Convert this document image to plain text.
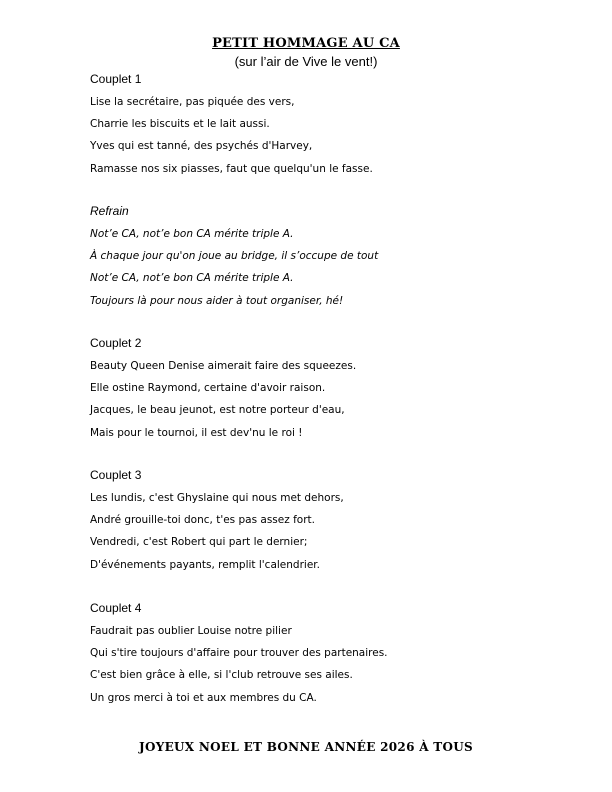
PETIT HOMMAGE AU CA
(sur l’air de Vive le vent!)
Couplet 1
Lise la secrétaire, pas piquée des vers,
Charrie les biscuits et le lait aussi.
Yves qui est tanné, des psychés d'Harvey,
Ramasse nos six piasses, faut que quelqu'un le fasse.
Refrain
Not’e CA, not’e bon CA mérite triple A.
À chaque jour qu'on joue au bridge, il s’occupe de tout
Not’e CA, not’e bon CA mérite triple A.
Toujours là pour nous aider à tout organiser, hé!
Couplet 2
Beauty Queen Denise aimerait faire des squeezes.
Elle ostine Raymond, certaine d'avoir raison.
Jacques, le beau jeunot, est notre porteur d'eau,
Mais pour le tournoi, il est dev'nu le roi !
Couplet 3
Les lundis, c'est Ghyslaine qui nous met dehors,
André grouille-toi donc, t'es pas assez fort.
Vendredi, c'est Robert qui part le dernier;
D'événements payants, remplit l'calendrier.
Couplet 4
Faudrait pas oublier Louise notre pilier
Qui s'tire toujours d'affaire pour trouver des partenaires.
C'est bien grâce à elle, si l'club retrouve ses ailes.
Un gros merci à toi et aux membres du CA.
JOYEUX NOEL ET BONNE ANNÉE 2026 À TOUS
